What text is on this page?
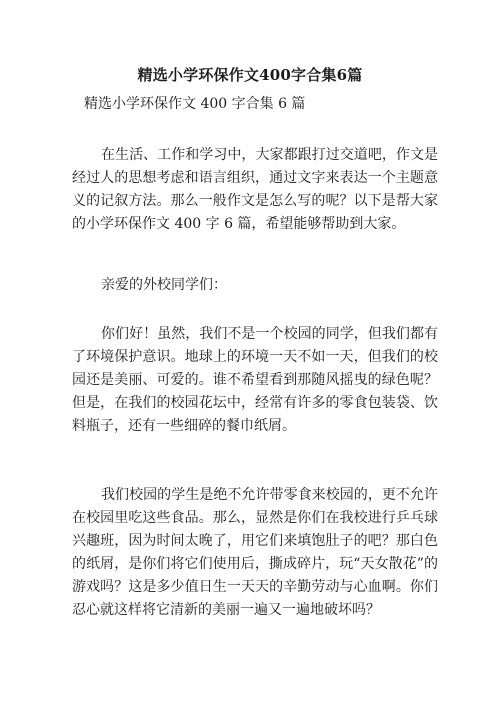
精选小学环保作文400字合集6篇
精选小学环保作文 400 字合集 6 篇
在生活、工作和学习中，大家都跟打过交道吧，作文是经过人的思想考虑和语言组织，通过文字来表达一个主题意义的记叙方法。那么一般作文是怎么写的呢？以下是帮大家的小学环保作文 400 字 6 篇，希望能够帮助到大家。
亲爱的外校同学们：
你们好！虽然，我们不是一个校园的同学，但我们都有了环境保护意识。地球上的环境一天不如一天，但我们的校园还是美丽、可爱的。谁不希望看到那随风摇曳的绿色呢？但是，在我们的校园花坛中，经常有许多的零食包装袋、饮料瓶子，还有一些细碎的餐巾纸屑。
我们校园的学生是绝不允许带零食来校园的，更不允许在校园里吃这些食品。那么，显然是你们在我校进行乒乓球兴趣班，因为时间太晚了，用它们来填饱肚子的吧？那白色的纸屑，是你们将它们使用后，撕成碎片，玩“天女散花”的游戏吗？这是多少值日生一天天的辛勤劳动与心血啊。你们忍心就这样将它清新的美丽一遍又一遍地破坏吗？
